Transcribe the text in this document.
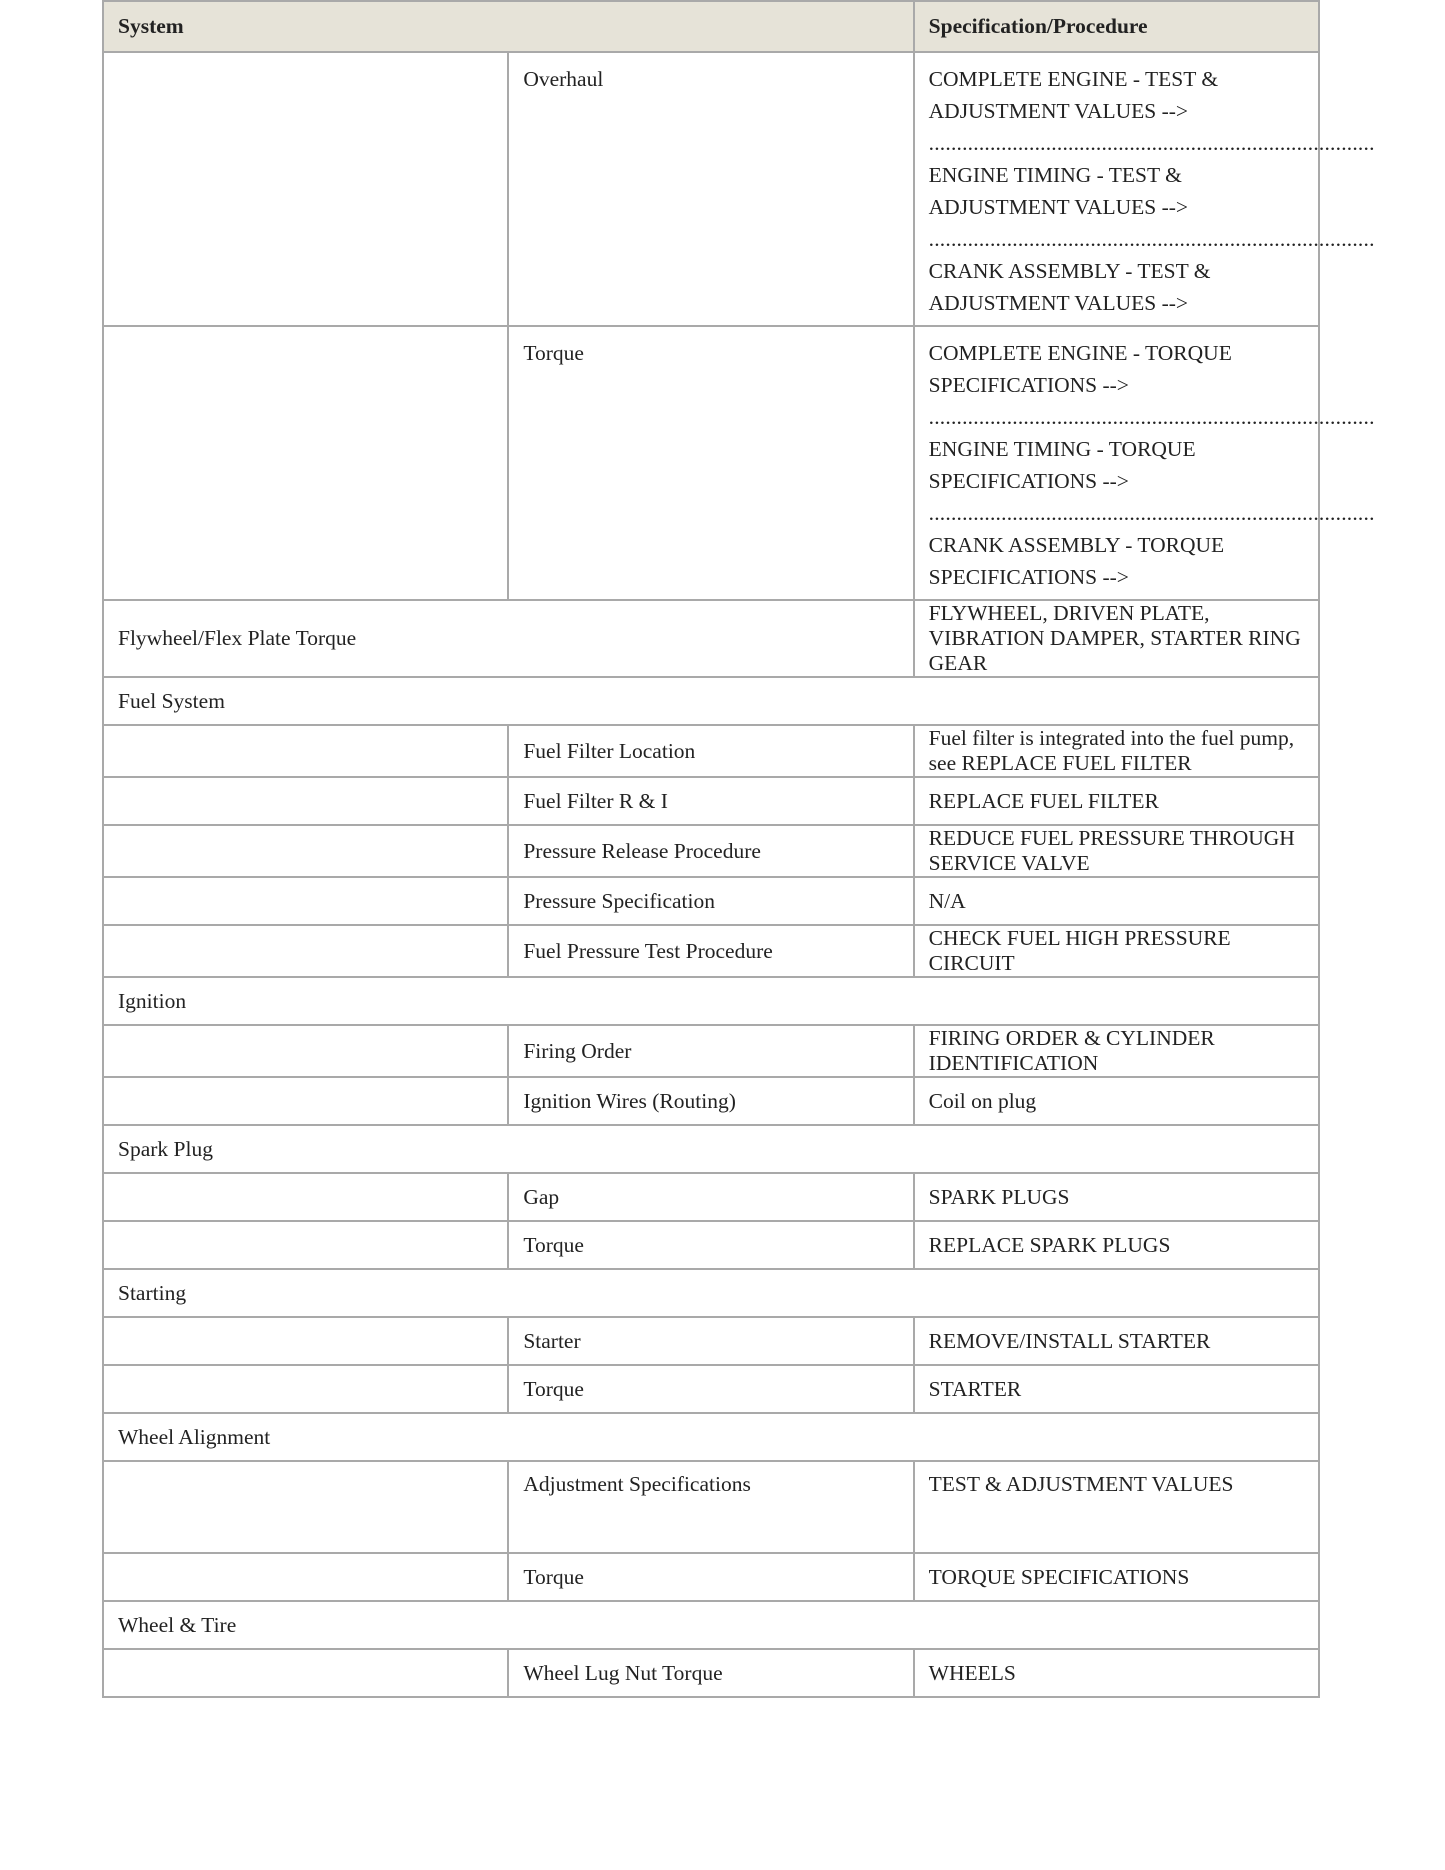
System		Specification/Procedure

	Overhaul	COMPLETE ENGINE - TEST & ADJUSTMENT VALUES -->
................................................................................
ENGINE TIMING - TEST & ADJUSTMENT VALUES -->
................................................................................
CRANK ASSEMBLY - TEST & ADJUSTMENT VALUES -->

	Torque	COMPLETE ENGINE - TORQUE SPECIFICATIONS -->
................................................................................
ENGINE TIMING - TORQUE SPECIFICATIONS -->
................................................................................
CRANK ASSEMBLY - TORQUE SPECIFICATIONS -->

Flywheel/Flex Plate Torque		FLYWHEEL, DRIVEN PLATE, VIBRATION DAMPER, STARTER RING GEAR
Fuel System		
	Fuel Filter Location	Fuel filter is integrated into the fuel pump, see REPLACE FUEL FILTER
	Fuel Filter R & I	REPLACE FUEL FILTER
	Pressure Release Procedure	REDUCE FUEL PRESSURE THROUGH SERVICE VALVE
	Pressure Specification	N/A
	Fuel Pressure Test Procedure	CHECK FUEL HIGH PRESSURE CIRCUIT
Ignition		
	Firing Order	FIRING ORDER & CYLINDER IDENTIFICATION
	Ignition Wires (Routing)	Coil on plug
Spark Plug		
	Gap	SPARK PLUGS
	Torque	REPLACE SPARK PLUGS
Starting		
	Starter	REMOVE/INSTALL STARTER
	Torque	STARTER
Wheel Alignment		
	Adjustment Specifications	TEST & ADJUSTMENT VALUES
	Torque	TORQUE SPECIFICATIONS
Wheel & Tire		
	Wheel Lug Nut Torque	WHEELS
